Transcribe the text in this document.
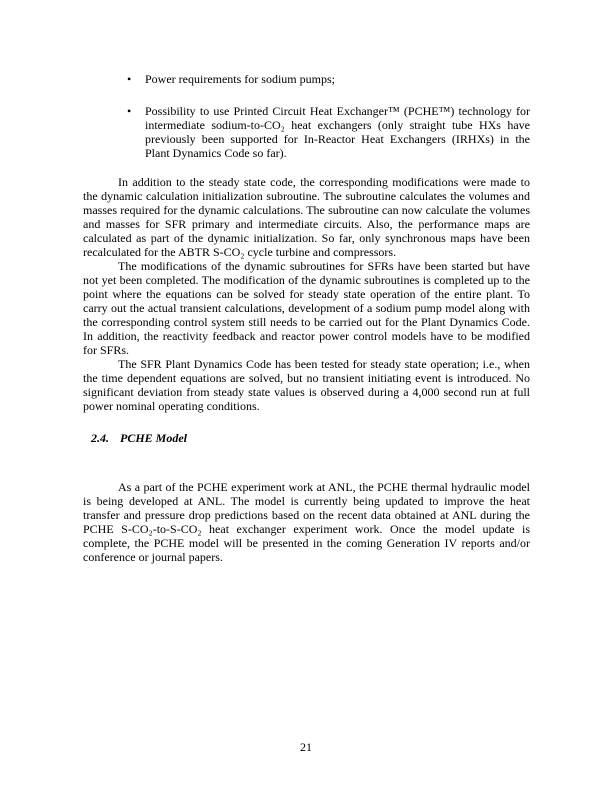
• Power requirements for sodium pumps;
• Possibility to use Printed Circuit Heat Exchanger™ (PCHE™) technology for intermediate sodium-to-CO₂ heat exchangers (only straight tube HXs have previously been supported for In-Reactor Heat Exchangers (IRHXs) in the Plant Dynamics Code so far).

In addition to the steady state code, the corresponding modifications were made to the dynamic calculation initialization subroutine. The subroutine calculates the volumes and masses required for the dynamic calculations. The subroutine can now calculate the volumes and masses for SFR primary and intermediate circuits. Also, the performance maps are calculated as part of the dynamic initialization. So far, only synchronous maps have been recalculated for the ABTR S-CO₂ cycle turbine and compressors.

The modifications of the dynamic subroutines for SFRs have been started but have not yet been completed. The modification of the dynamic subroutines is completed up to the point where the equations can be solved for steady state operation of the entire plant. To carry out the actual transient calculations, development of a sodium pump model along with the corresponding control system still needs to be carried out for the Plant Dynamics Code. In addition, the reactivity feedback and reactor power control models have to be modified for SFRs.

The SFR Plant Dynamics Code has been tested for steady state operation; i.e., when the time dependent equations are solved, but no transient initiating event is introduced. No significant deviation from steady state values is observed during a 4,000 second run at full power nominal operating conditions.

2.4. PCHE Model

As a part of the PCHE experiment work at ANL, the PCHE thermal hydraulic model is being developed at ANL. The model is currently being updated to improve the heat transfer and pressure drop predictions based on the recent data obtained at ANL during the PCHE S-CO₂-to-S-CO₂ heat exchanger experiment work. Once the model update is complete, the PCHE model will be presented in the coming Generation IV reports and/or conference or journal papers.

21
